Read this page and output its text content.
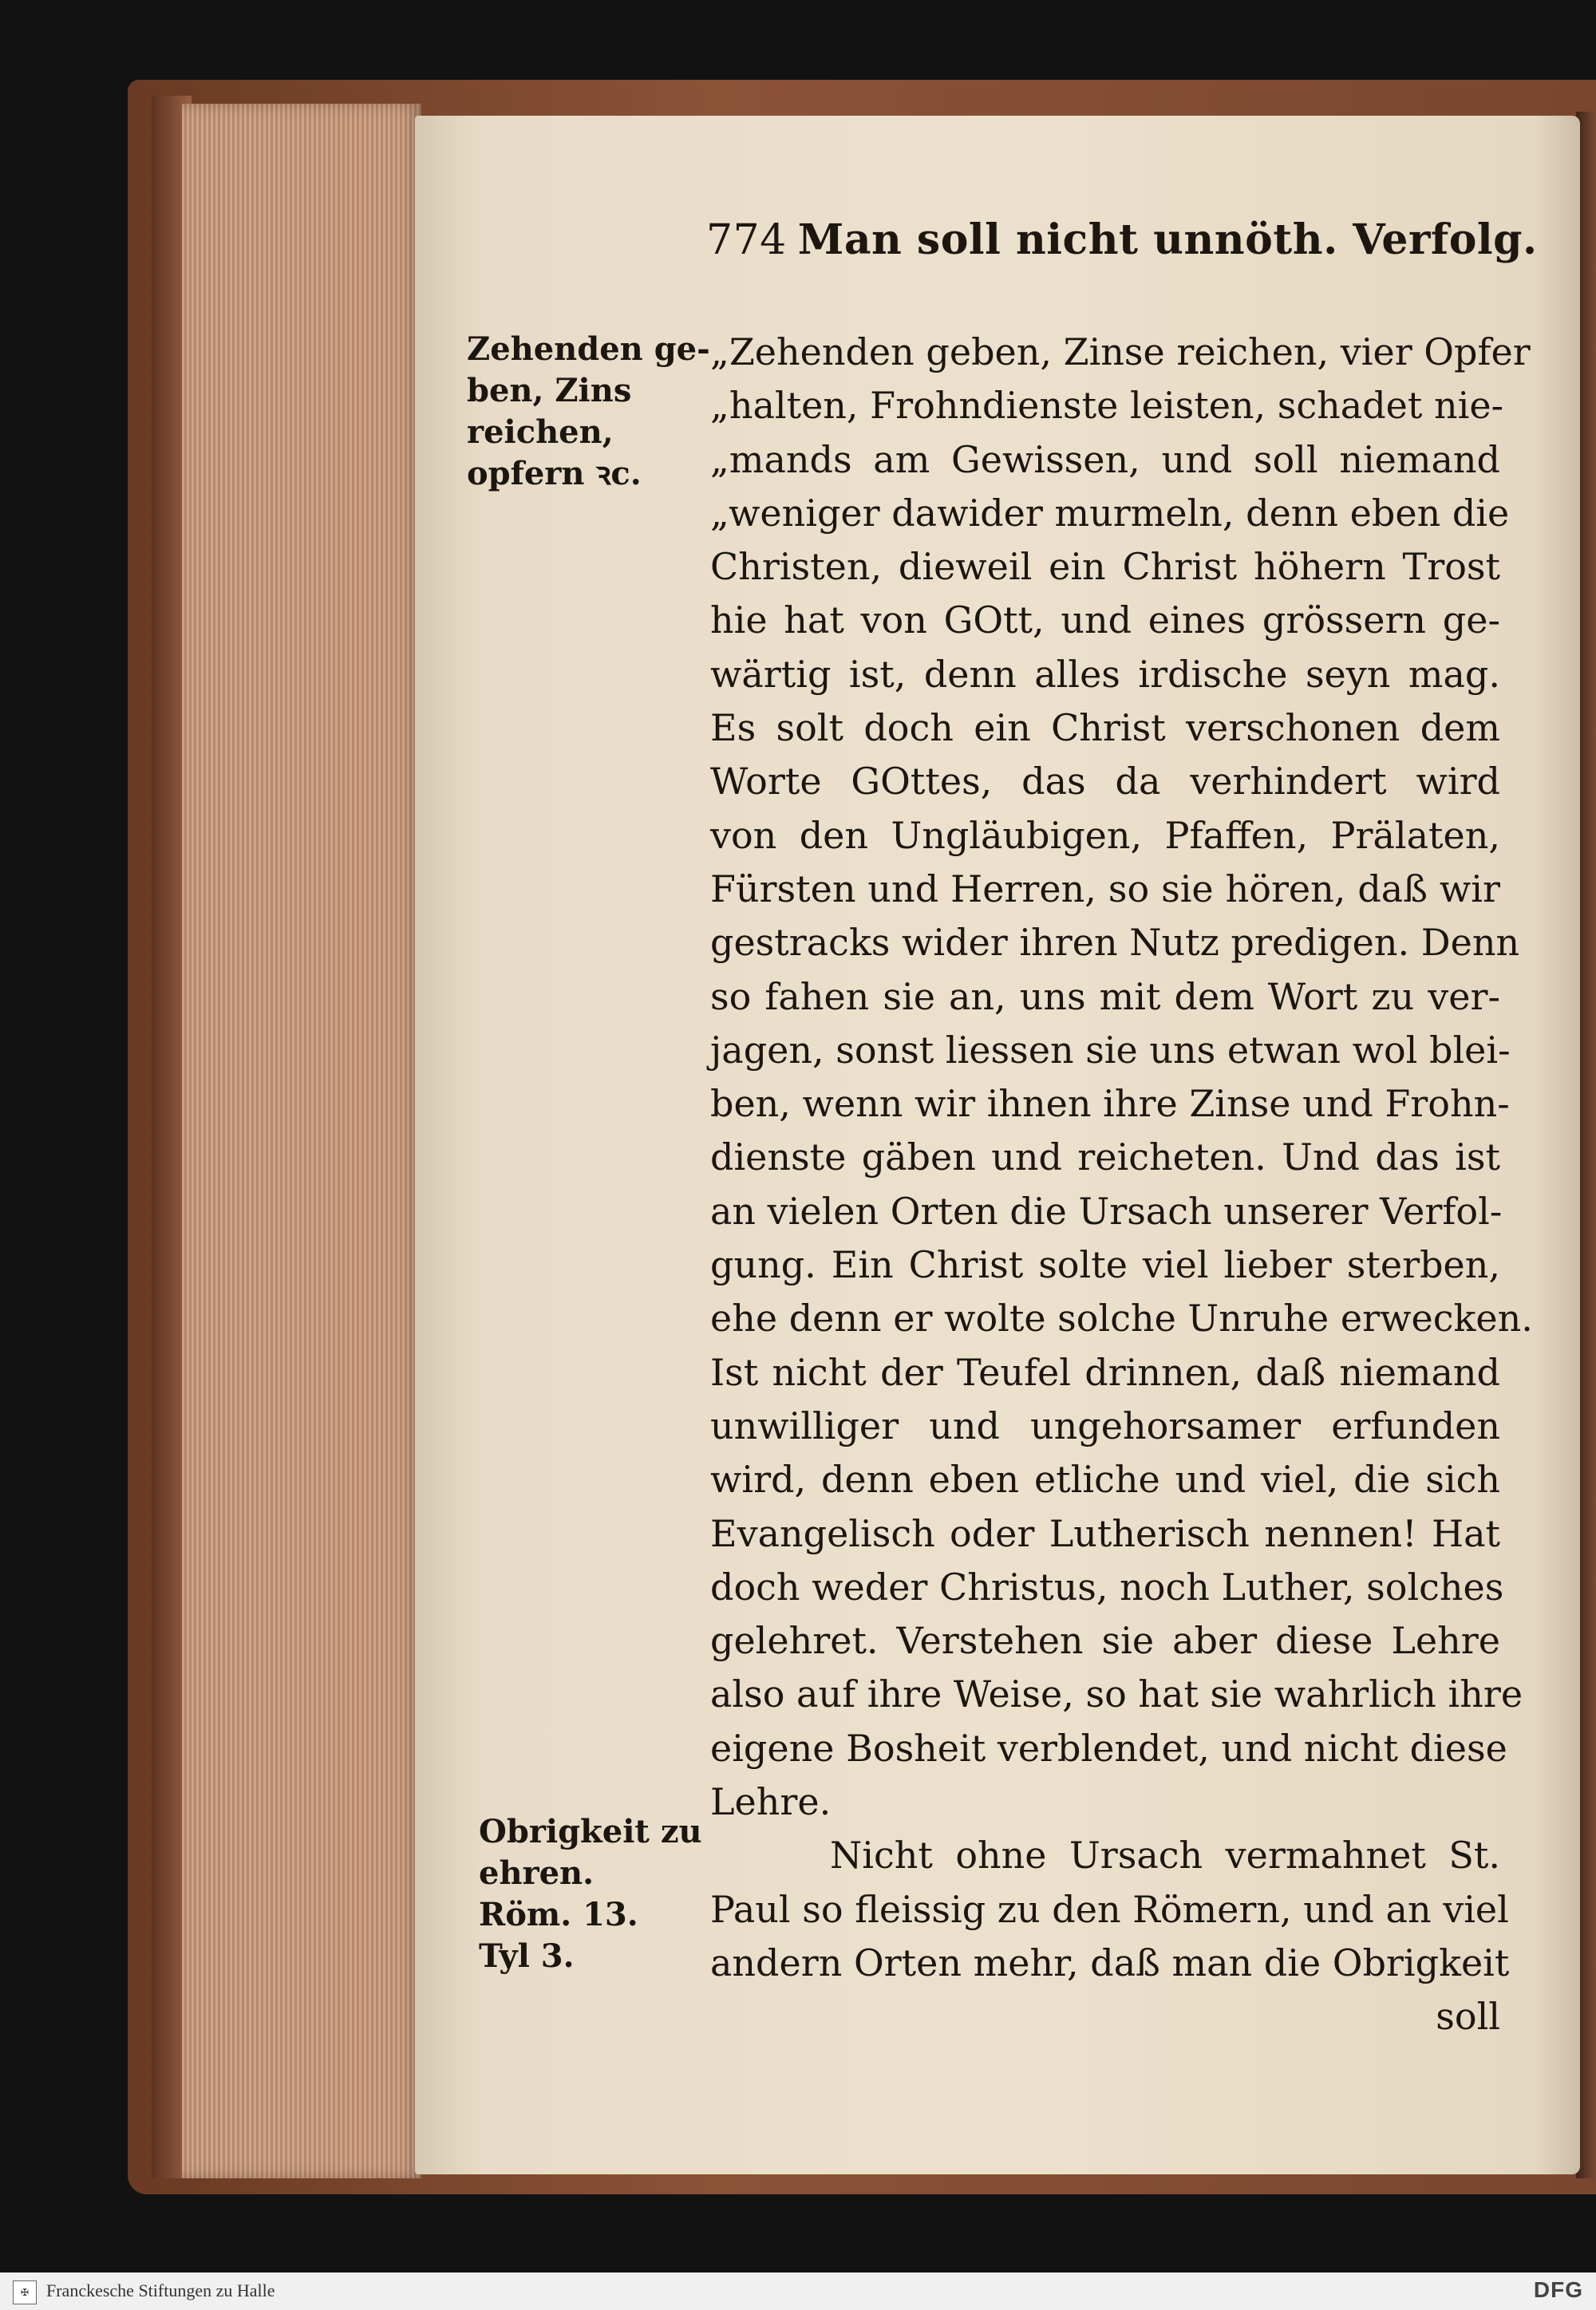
774 Man soll nicht unnöth. Verfolg.
Zehenden ge-
ben, Zins
reichen,
opfern ꝛc.
Obrigkeit zu
ehren.
Röm. 13.
Tyl 3.
„Zehenden geben, Zinse reichen, vier Opfer
„halten, Frohndienste leisten, schadet nie-
„mands am Gewissen, und soll niemand
„weniger dawider murmeln, denn eben die
Christen, dieweil ein Christ höhern Trost
hie hat von GOtt, und eines grössern ge-
wärtig ist, denn alles irdische seyn mag.
Es solt doch ein Christ verschonen dem
Worte GOttes, das da verhindert wird
von den Ungläubigen, Pfaffen, Prälaten,
Fürsten und Herren, so sie hören, daß wir
gestracks wider ihren Nutz predigen. Denn
so fahen sie an, uns mit dem Wort zu ver-
jagen, sonst liessen sie uns etwan wol blei-
ben, wenn wir ihnen ihre Zinse und Frohn-
dienste gäben und reicheten. Und das ist
an vielen Orten die Ursach unserer Verfol-
gung. Ein Christ solte viel lieber sterben,
ehe denn er wolte solche Unruhe erwecken.
Ist nicht der Teufel drinnen, daß niemand
unwilliger und ungehorsamer erfunden
wird, denn eben etliche und viel, die sich
Evangelisch oder Lutherisch nennen! Hat
doch weder Christus, noch Luther, solches
gelehret. Verstehen sie aber diese Lehre
also auf ihre Weise, so hat sie wahrlich ihre
eigene Bosheit verblendet, und nicht diese
Lehre.
Nicht ohne Ursach vermahnet St.
Paul so fleissig zu den Römern, und an viel
andern Orten mehr, daß man die Obrigkeit
soll
✠ Franckesche Stiftungen zu Halle	DFG
